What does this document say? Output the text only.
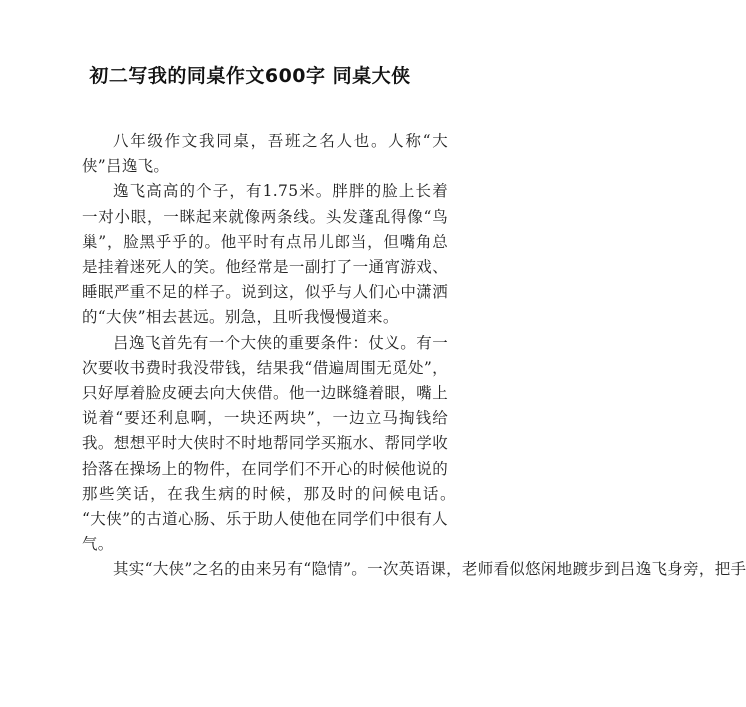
初二写我的同桌作文600字 同桌大侠

八年级作文我同桌，吾班之名人也。人称“大侠”吕逸飞。

逸飞高高的个子，有1.75米。胖胖的脸上长着一对小眼，一眯起来就像两条线。头发蓬乱得像“鸟巢”，脸黑乎乎的。他平时有点吊儿郎当，但嘴角总是挂着迷死人的笑。他经常是一副打了一通宵游戏、睡眠严重不足的样子。说到这，似乎与人们心中潇洒的“大侠”相去甚远。别急，且听我慢慢道来。

吕逸飞首先有一个大侠的重要条件：仗义。有一次要收书费时我没带钱，结果我“借遍周围无觅处”，只好厚着脸皮硬去向大侠借。他一边眯缝着眼，嘴上说着“要还利息啊，一块还两块”，一边立马掏钱给我。想想平时大侠时不时地帮同学买瓶水、帮同学收拾落在操场上的物件，在同学们不开心的时候他说的那些笑话，在我生病的时候，那及时的问候电话。　“大侠”的古道心肠、乐于助人使他在同学们中很有人气。

其实“大侠”之名的由来另有“隐情”。一次英语课，老师看似悠闲地踱步到吕逸飞身旁，把手
